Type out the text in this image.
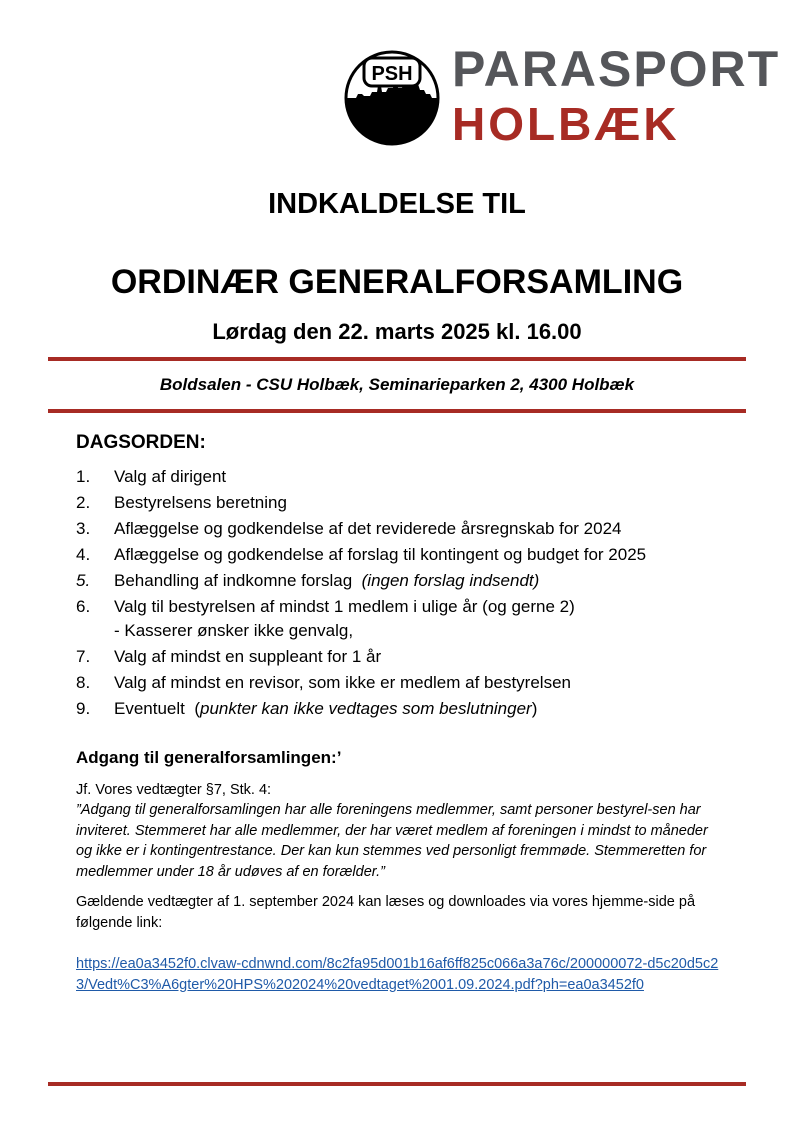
PSH PARASPORT
HOLBÆK
INDKALDELSE TIL
ORDINÆR GENERALFORSAMLING
Lørdag den 22. marts 2025 kl. 16.00
Boldsalen - CSU Holbæk, Seminarieparken 2, 4300 Holbæk
DAGSORDEN:
1. Valg af dirigent
2. Bestyrelsens beretning
3. Aflæggelse og godkendelse af det reviderede årsregnskab for 2024
4. Aflæggelse og godkendelse af forslag til kontingent og budget for 2025
5. Behandling af indkomne forslag (ingen forslag indsendt)
6. Valg til bestyrelsen af mindst 1 medlem i ulige år (og gerne 2)
- Kasserer ønsker ikke genvalg,
7. Valg af mindst en suppleant for 1 år
8. Valg af mindst en revisor, som ikke er medlem af bestyrelsen
9. Eventuelt (punkter kan ikke vedtages som beslutninger)
Adgang til generalforsamlingen:’
Jf. Vores vedtægter §7, Stk. 4:
”Adgang til generalforsamlingen har alle foreningens medlemmer, samt personer bestyrel-sen har inviteret. Stemmeret har alle medlemmer, der har været medlem af foreningen i mindst to måneder og ikke er i kontingentrestance. Der kan kun stemmes ved personligt fremmøde. Stemmeretten for medlemmer under 18 år udøves af en forælder.”
Gældende vedtægter af 1. september 2024 kan læses og downloades via vores hjemme-side på følgende link:
https://ea0a3452f0.clvaw-cdnwnd.com/8c2fa95d001b16af6ff825c066a3a76c/200000072-d5c20d5c23/Vedt%C3%A6gter%20HPS%202024%20vedtaget%2001.09.2024.pdf?ph=ea0a3452f0
